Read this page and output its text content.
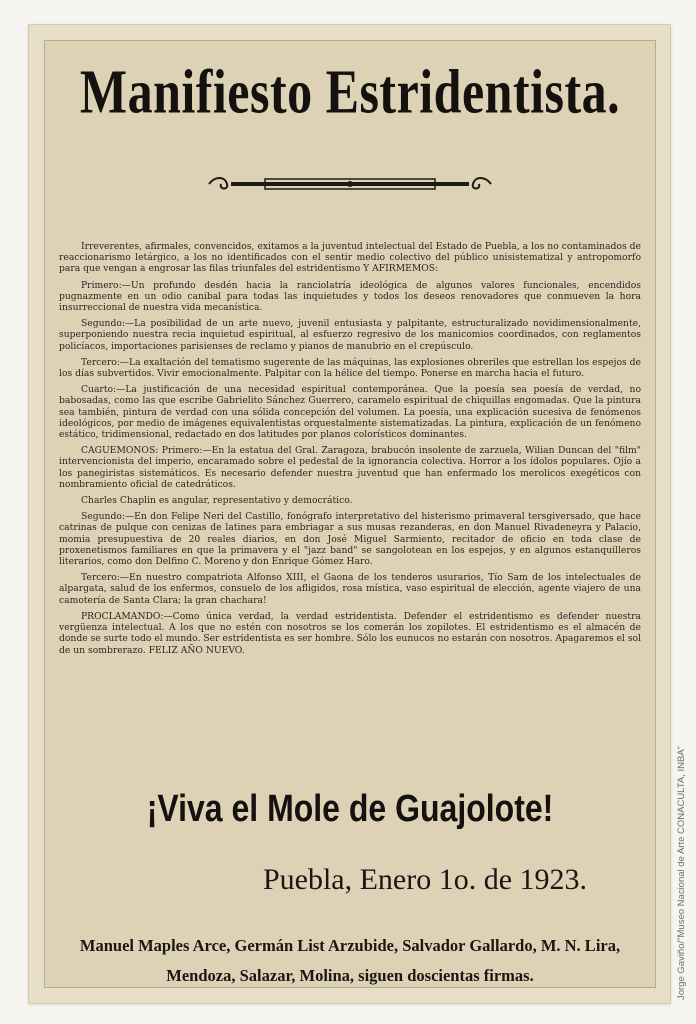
Manifiesto Estridentista.

Irreverentes, afirmales, convencidos, exitamos a la juventud intelectual del Estado de Puebla, a los no contaminados de reaccionarismo letárgico, a los no identificados con el sentir medio colectivo del público unisistematizal y antropomorfo para que vengan a engrosar las filas triunfales del estridentismo Y AFIRMEMOS:

Primero:—Un profundo desdén hacia la ranciolatría ideológica de algunos valores funcionales, encendidos pugnazmente en un odio canibal para todas las inquietudes y todos los deseos renovadores que conmueven la hora insurreccional de nuestra vida mecanística.

Segundo:—La posibilidad de un arte nuevo, juvenil entusiasta y palpitante, estructuralizado novidimensionalmente, superponiendo nuestra recia inquietud espiritual, al esfuerzo regresivo de los manicomios coordinados, con reglamentos policíacos, importaciones parisienses de reclamo y pianos de manubrio en el crepúsculo.

Tercero:—La exaltación del tematismo sugerente de las máquinas, las explosiones obreriles que estrellan los espejos de los días subvertidos. Vivir emocionalmente. Palpitar con la hélice del tiempo. Ponerse en marcha hacia el futuro.

Cuarto:—La justificación de una necesidad espiritual contemporánea. Que la poesía sea poesía de verdad, no babosadas, como las que escribe Gabrielito Sánchez Guerrero, caramelo espiritual de chiquillas engomadas. Que la pintura sea también, pintura de verdad con una sólida concepción del volumen. La poesía, una explicación sucesiva de fenómenos ideológicos, por medio de imágenes equivalentistas orquestalmente sistematizadas. La pintura, explicación de un fenómeno estático, tridimensional, redactado en dos latitudes por planos colorísticos dominantes.

CAGUEMONOS: Primero:—En la estatua del Gral. Zaragoza, brabucón insolente de zarzuela, Wilian Duncan del "film" intervencionista del imperio, encaramado sobre el pedestal de la ignorancia colectiva. Horror a los ídolos populares. Ojío a los panegiristas sistemáticos. Es necesario defender nuestra juventud que han enfermado los merolicos exegéticos con nombramiento oficial de catedráticos.

Charles Chaplin es angular, representativo y democrático.

Segundo:—En don Felipe Neri del Castillo, fonógrafo interpretativo del histerismo primaveral tersgiversado, que hace catrinas de pulque con cenizas de latines para embriagar a sus musas rezanderas, en don Manuel Rivadeneyra y Palacio, momia presupuestiva de 20 reales diarios, en don José Miguel Sarmiento, recitador de oficio en toda clase de proxenetismos familiares en que la primavera y el "jazz band" se sangolotean en los espejos, y en algunos estanquilleros literarios, como don Delfino C. Moreno y don Enrique Gómez Haro.

Tercero:—En nuestro compatriota Alfonso XIII, el Gaona de los tenderos usurarios, Tío Sam de los intelectuales de alpargata, salud de los enfermos, consuelo de los afligidos, rosa mística, vaso espiritual de elección, agente viajero de una camotería de Santa Clara; la gran chachara!

PROCLAMANDO:—Como única verdad, la verdad estridentista. Defender el estridentismo es defender nuestra vergüenza intelectual. A los que no estén con nosotros se los comerán los zopilotes. El estridentismo es el almacén de donde se surte todo el mundo. Ser estridentista es ser hombre. Sólo los eunucos no estarán con nosotros. Apagaremos el sol de un sombrerazo. FELIZ AÑO NUEVO.

¡Viva el Mole de Guajolote!
Puebla, Enero 1o. de 1923.
Manuel Maples Arce, Germán List Arzubide, Salvador Gallardo, M. N. Lira,
Mendoza, Salazar, Molina, siguen doscientas firmas.	Jorge Gaviño/"Museo Nacional de Arte CONACULTA, INBA"
